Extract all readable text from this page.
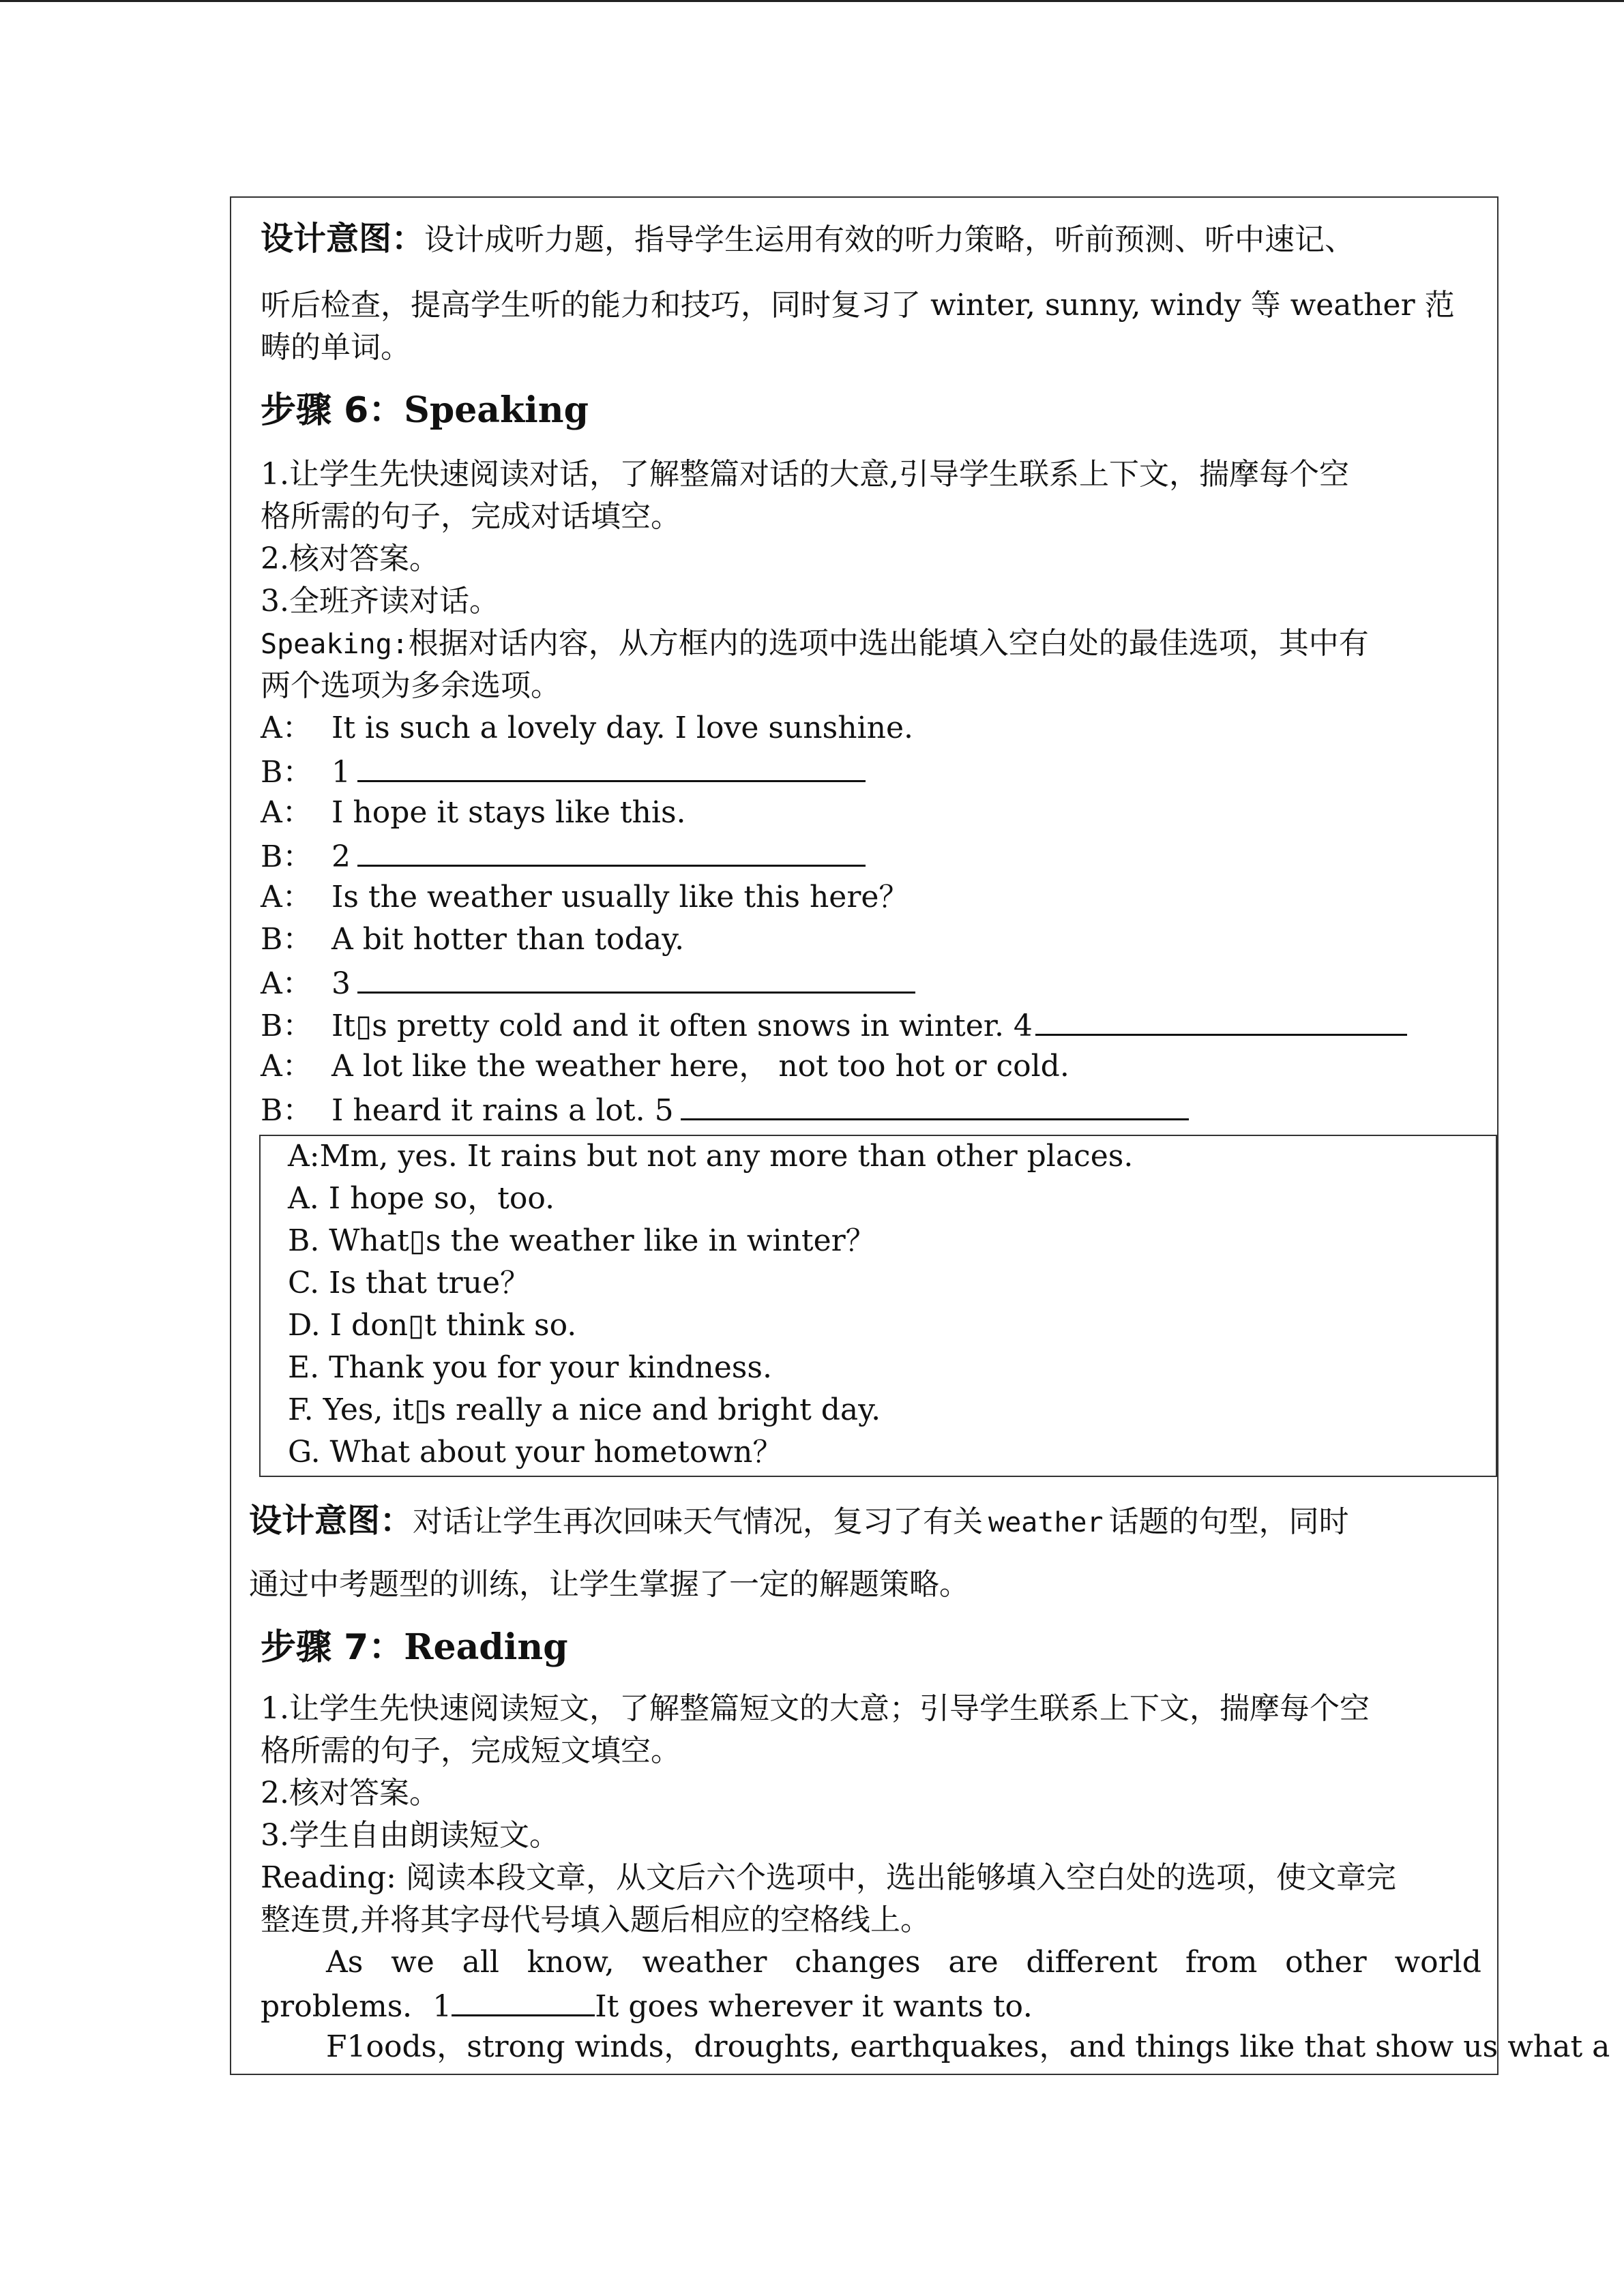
设计意图：设计成听力题，指导学生运用有效的听力策略，听前预测、听中速记、
听后检查，提高学生听的能力和技巧，同时复习了 winter, sunny, windy 等 weather 范
畴的单词。
步骤 6：Speaking
1.让学生先快速阅读对话，了解整篇对话的大意,引导学生联系上下文，揣摩每个空
格所需的句子，完成对话填空。
2.核对答案。
3.全班齐读对话。
Speaking:根据对话内容，从方框内的选项中选出能填入空白处的最佳选项，其中有
两个选项为多余选项。
A： It is such a lovely day. I love sunshine.
B： 1
A： I hope it stays like this.
B： 2
A： Is the weather usually like this here？
B： A bit hotter than today.
A： 3
B： It▯s pretty cold and it often snows in winter. 4
A： A lot like the weather here， not too hot or cold.
B： I heard it rains a lot. 5
A:Mm, yes. It rains but not any more than other places.
A. I hope so，too.
B. What▯s the weather like in winter？
C. Is that true？
D. I don▯t think so.
E. Thank you for your kindness.
F. Yes, it▯s really a nice and bright day.
G. What about your hometown？
设计意图：对话让学生再次回味天气情况，复习了有关 weather 话题的句型，同时
通过中考题型的训练，让学生掌握了一定的解题策略。
步骤 7：Reading
1.让学生先快速阅读短文，了解整篇短文的大意；引导学生联系上下文，揣摩每个空
格所需的句子，完成短文填空。
2.核对答案。
3.学生自由朗读短文。
Reading: 阅读本段文章，从文后六个选项中，选出能够填入空白处的选项，使文章完
整连贯,并将其字母代号填入题后相应的空格线上。
As we all know, weather changes are different from other world
problems．1	It goes wherever it wants to．
F1oods，strong winds，droughts, earthquakes，and things like that show us what a
